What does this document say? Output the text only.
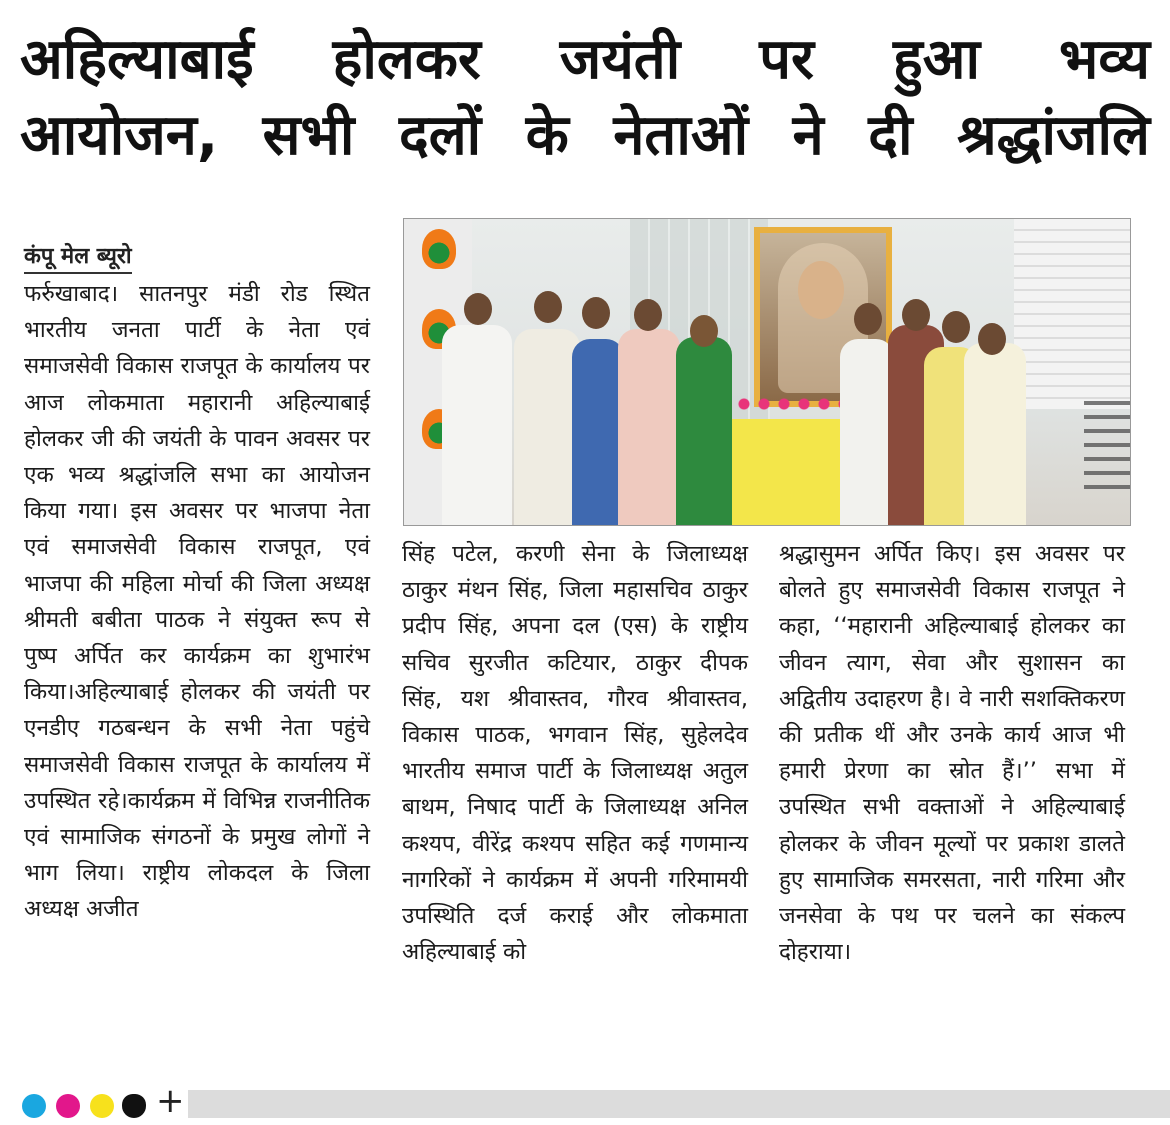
अहिल्याबाई होलकर जयंती पर हुआ भव्य
आयोजन, सभी दलों के नेताओं ने दी श्रद्धांजलि
कंपू मेल ब्यूरो
फर्रुखाबाद। सातनपुर मंडी रोड स्थित भारतीय जनता पार्टी के नेता एवं समाजसेवी विकास राजपूत के कार्यालय पर आज लोकमाता महारानी अहिल्याबाई होलकर जी की जयंती के पावन अवसर पर एक भव्य श्रद्धांजलि सभा का आयोजन किया गया। इस अवसर पर भाजपा नेता एवं समाजसेवी विकास राजपूत, एवं भाजपा की महिला मोर्चा की जिला अध्यक्ष श्रीमती बबीता पाठक ने संयुक्त रूप से पुष्प अर्पित कर कार्यक्रम का शुभारंभ किया।अहिल्याबाई होलकर की जयंती पर एनडीए गठबन्धन के सभी नेता पहुंचे समाजसेवी विकास राजपूत के कार्यालय में उपस्थित रहे।कार्यक्रम में विभिन्न राजनीतिक एवं सामाजिक संगठनों के प्रमुख लोगों ने भाग लिया। राष्ट्रीय लोकदल के जिला अध्यक्ष अजीत
सिंह पटेल, करणी सेना के जिलाध्यक्ष ठाकुर मंथन सिंह, जिला महासचिव ठाकुर प्रदीप सिंह, अपना दल (एस) के राष्ट्रीय सचिव सुरजीत कटियार, ठाकुर दीपक सिंह, यश श्रीवास्तव, गौरव श्रीवास्तव, विकास पाठक, भगवान सिंह, सुहेलदेव भारतीय समाज पार्टी के जिलाध्यक्ष अतुल बाथम, निषाद पार्टी के जिलाध्यक्ष अनिल कश्यप, वीरेंद्र कश्यप सहित कई गणमान्य नागरिकों ने कार्यक्रम में अपनी गरिमामयी उपस्थिति दर्ज कराई और लोकमाता अहिल्याबाई को
श्रद्धासुमन अर्पित किए। इस अवसर पर बोलते हुए समाजसेवी विकास राजपूत ने कहा, ‘‘महारानी अहिल्याबाई होलकर का जीवन त्याग, सेवा और सुशासन का अद्वितीय उदाहरण है। वे नारी सशक्तिकरण की प्रतीक थीं और उनके कार्य आज भी हमारी प्रेरणा का स्रोत हैं।’’ सभा में उपस्थित सभी वक्ताओं ने अहिल्याबाई होलकर के जीवन मूल्यों पर प्रकाश डालते हुए सामाजिक समरसता, नारी गरिमा और जनसेवा के पथ पर चलने का संकल्प दोहराया।
+
